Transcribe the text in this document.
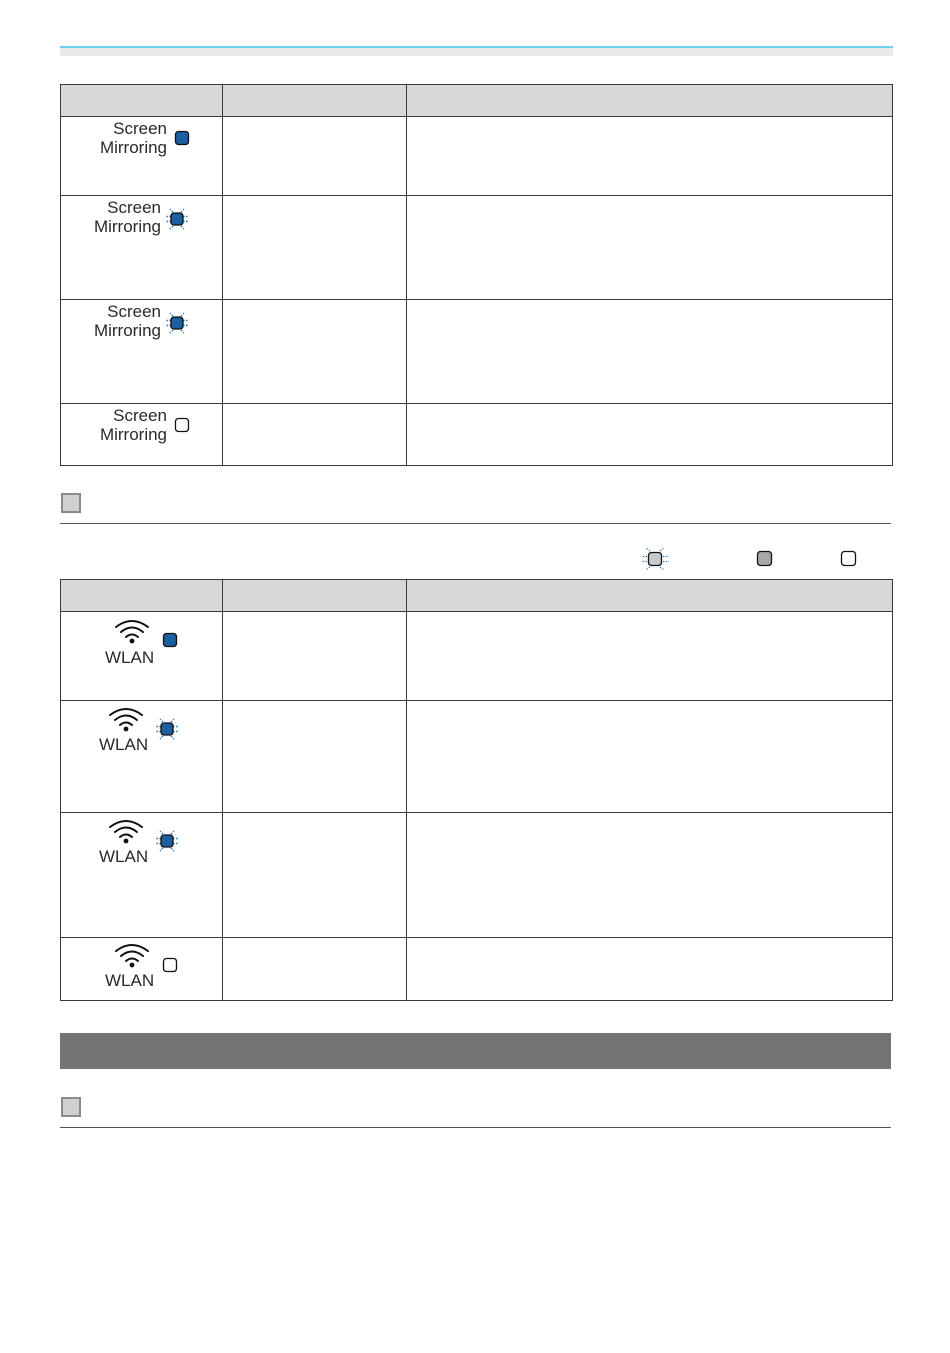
Screen
Mirroring		

Screen
Mirroring		

Screen
Mirroring		

Screen
Mirroring		

WLAN		

WLAN		

WLAN		

WLAN		
